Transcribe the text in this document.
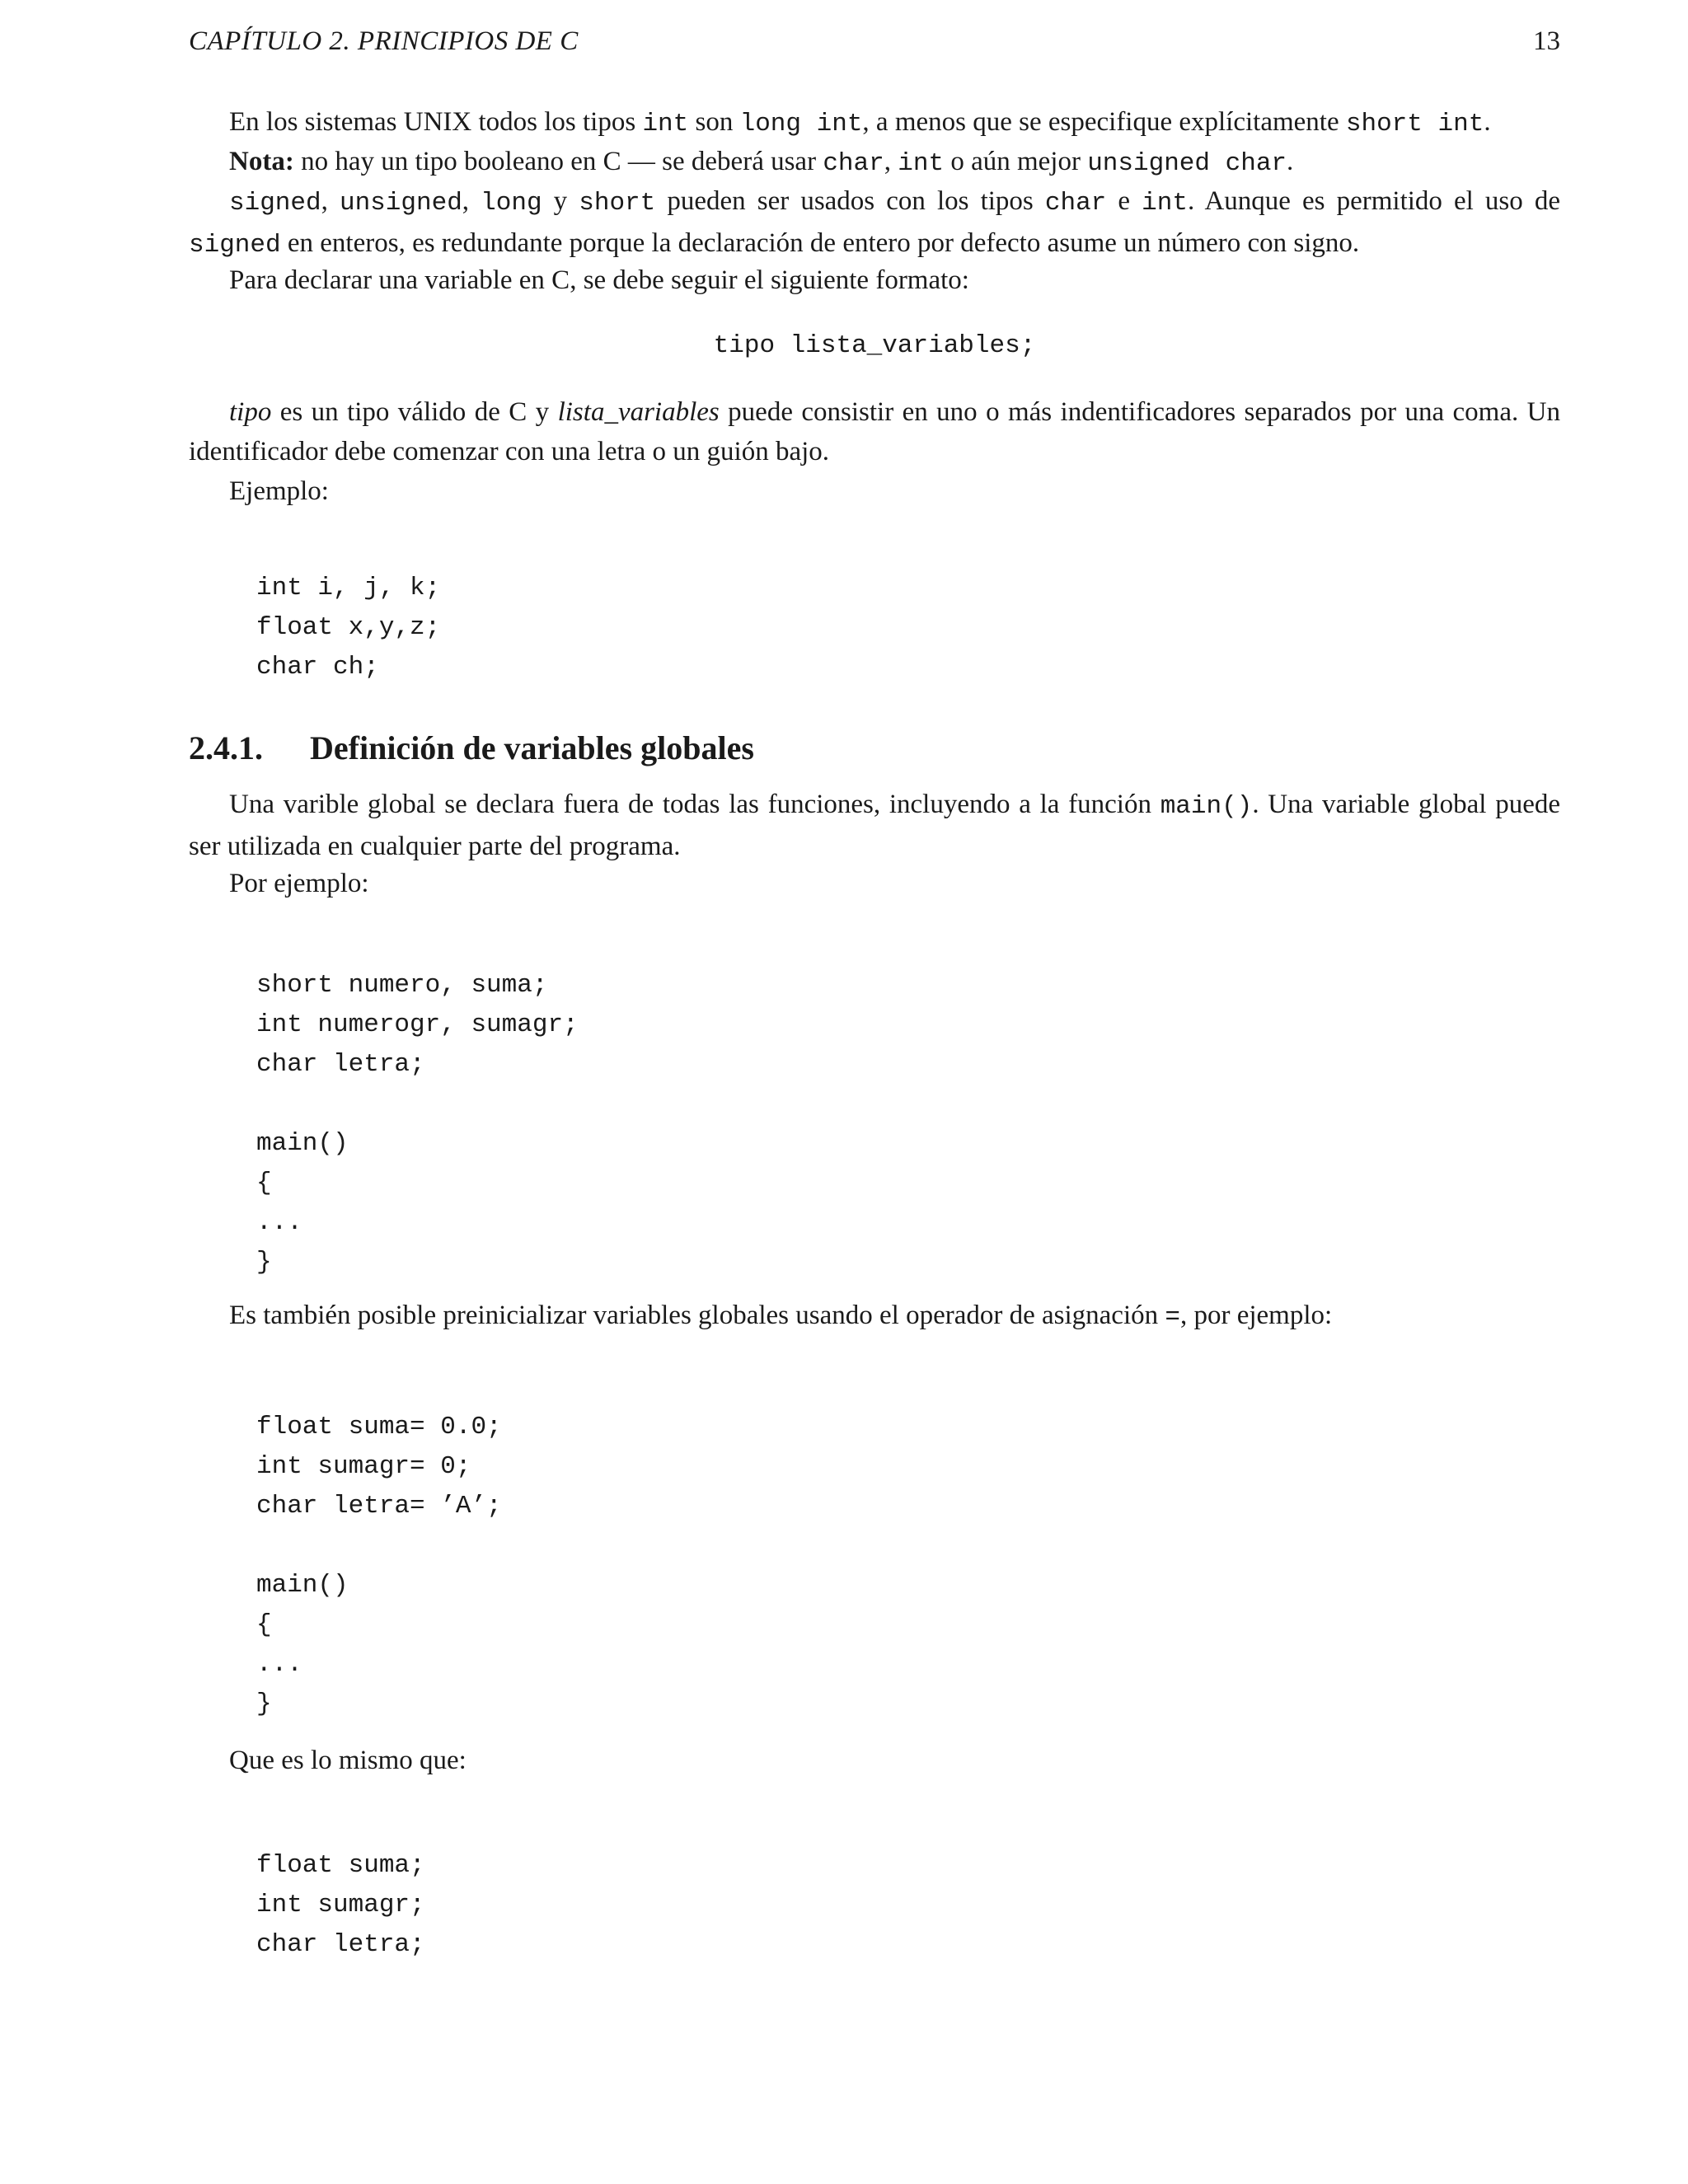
CAPÍTULO 2. PRINCIPIOS DE C	13
En los sistemas UNIX todos los tipos int son long int, a menos que se especifique explícitamente short int.
Nota: no hay un tipo booleano en C — se deberá usar char, int o aún mejor unsigned char.
signed, unsigned, long y short pueden ser usados con los tipos char e int. Aunque es permitido el uso de signed en enteros, es redundante porque la declaración de entero por defecto asume un número con signo.
Para declarar una variable en C, se debe seguir el siguiente formato:
tipo lista_variables;
tipo es un tipo válido de C y lista_variables puede consistir en uno o más indentificadores separados por una coma. Un identificador debe comenzar con una letra o un guión bajo.
Ejemplo:
int i, j, k;
float x,y,z;
char ch;
2.4.1. Definición de variables globales
Una varible global se declara fuera de todas las funciones, incluyendo a la función main(). Una variable global puede ser utilizada en cualquier parte del programa.
Por ejemplo:
short numero, suma;
int numerogr, sumagr;
char letra;
main()
{
...
}
Es también posible preinicializar variables globales usando el operador de asignación =, por ejemplo:
float suma= 0.0;
int sumagr= 0;
char letra= ’A’;
main()
{
...
}
Que es lo mismo que:
float suma;
int sumagr;
char letra;
